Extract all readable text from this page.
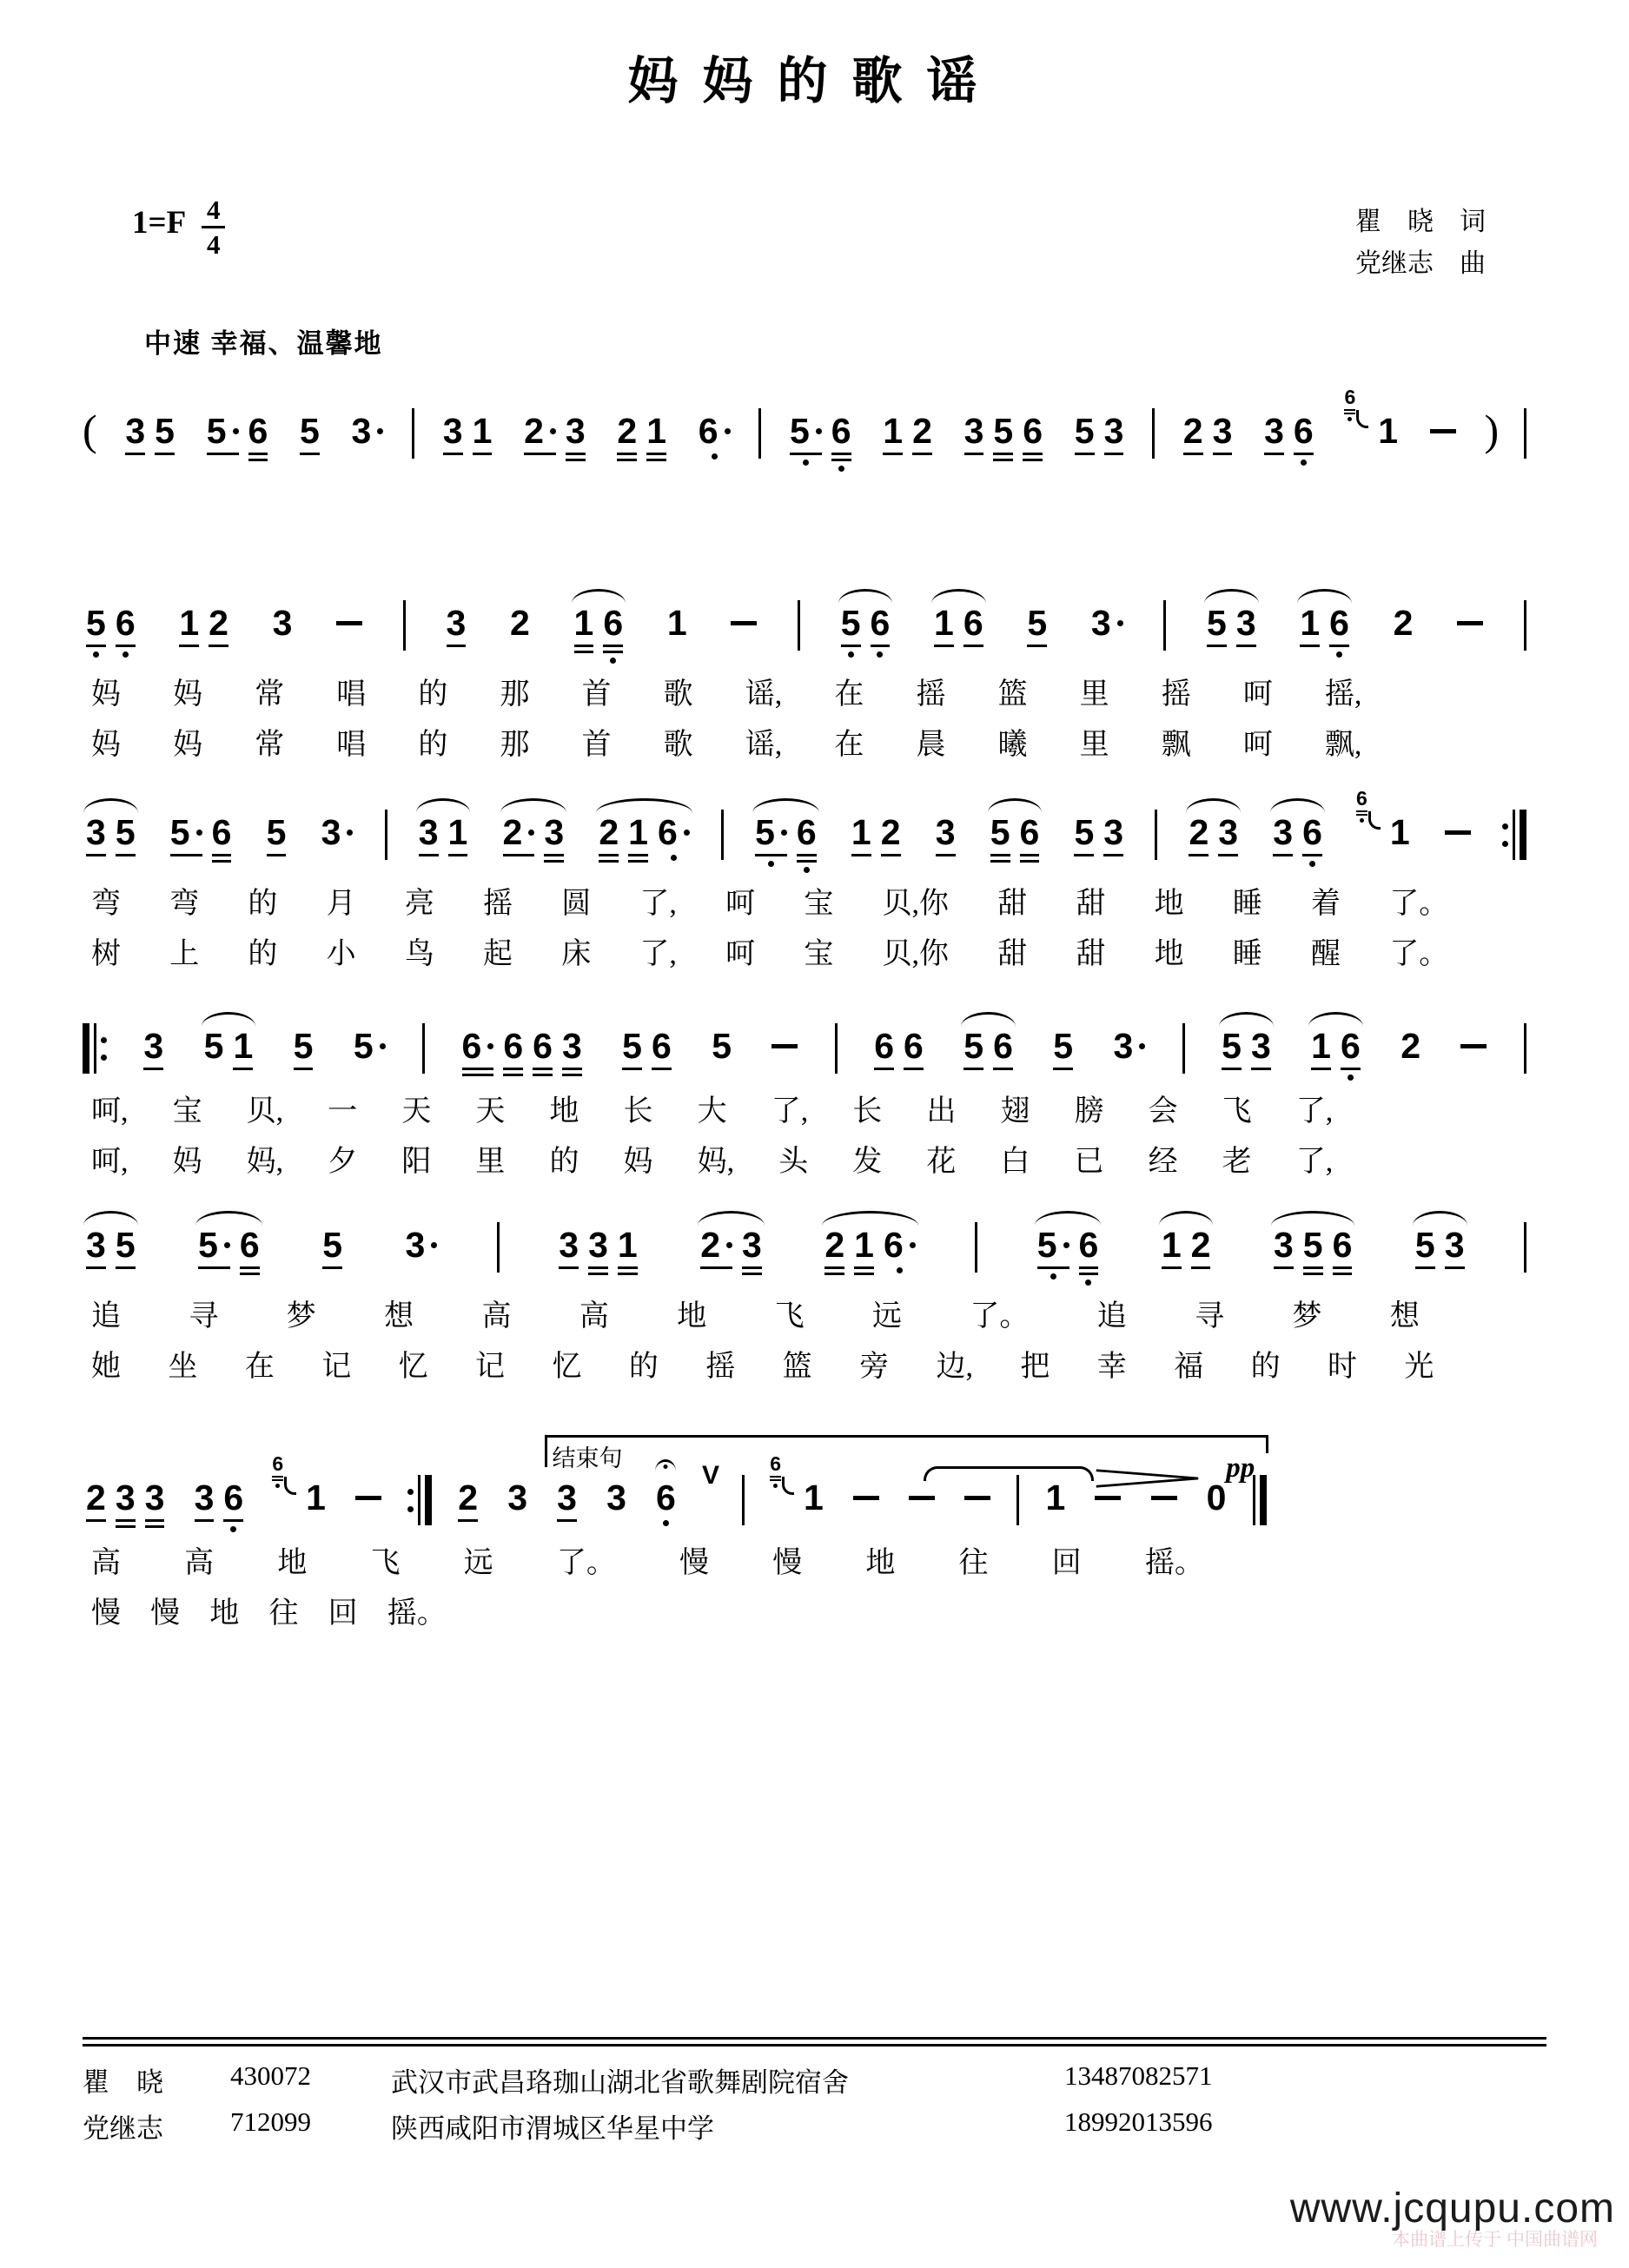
妈妈的歌谣
1=F 4
4
瞿　晓　词
党继志　曲
中速 幸福、温馨地
( 3 5 5 6 5 3 3 1 2 3 2 1 6 5 6 1 2 3 5 6 5 3 2 3 3 6
6
1 )
5 6 1 2 3	3 2 1 6 1	5 6 1 6 5 3	5 3 1 6 2
妈 妈 常 唱 的 那 首 歌 谣, 在 摇 篮 里 摇 呵 摇,
妈 妈 常 唱 的 那 首 歌 谣, 在 晨 曦 里 飘 呵 飘,
3 5 5 6 5 3 3 1 2 3 2 1 6 5 6 1 2 3 5 6 5 3 2 3 3 6
6
1
弯 弯 的 月 亮 摇 圆 了, 呵 宝 贝,你 甜 甜 地 睡 着 了。
树 上 的 小 鸟 起 床 了, 呵 宝 贝,你 甜 甜 地 睡 醒 了。
3 5 1 5 5 6 6 6 3 5 6 5	6 6 5 6 5 3 5 3 1 6 2
呵, 宝 贝, 一 天 天 地 长 大 了, 长 出 翅 膀 会 飞 了,
呵, 妈 妈, 夕 阳 里 的 妈 妈, 头 发 花 白 已 经 老 了,
3 5 5 6 5 3	3 3 1 2 3 2 1 6	5 6 1 2 3 5 6 5 3
追 寻 梦 想 高 高 地 飞 远 了。 追 寻 梦 想
她 坐 在 记 忆 记 忆 的 摇 篮 旁 边, 把 幸 福 的 时 光
结束句	pp
2 3 3 3 6
6
1	2 3 3 3 6
V	6
1	1	0
高 高 地 飞 远 了。 慢 慢 地 往 回 摇。
慢 慢 地 往 回 摇。
瞿　晓	430072	武汉市武昌珞珈山湖北省歌舞剧院宿舍	13487082571
党继志	712099	陕西咸阳市渭城区华星中学	18992013596
本曲谱上传于 中国曲谱网
www.jcqupu.com
